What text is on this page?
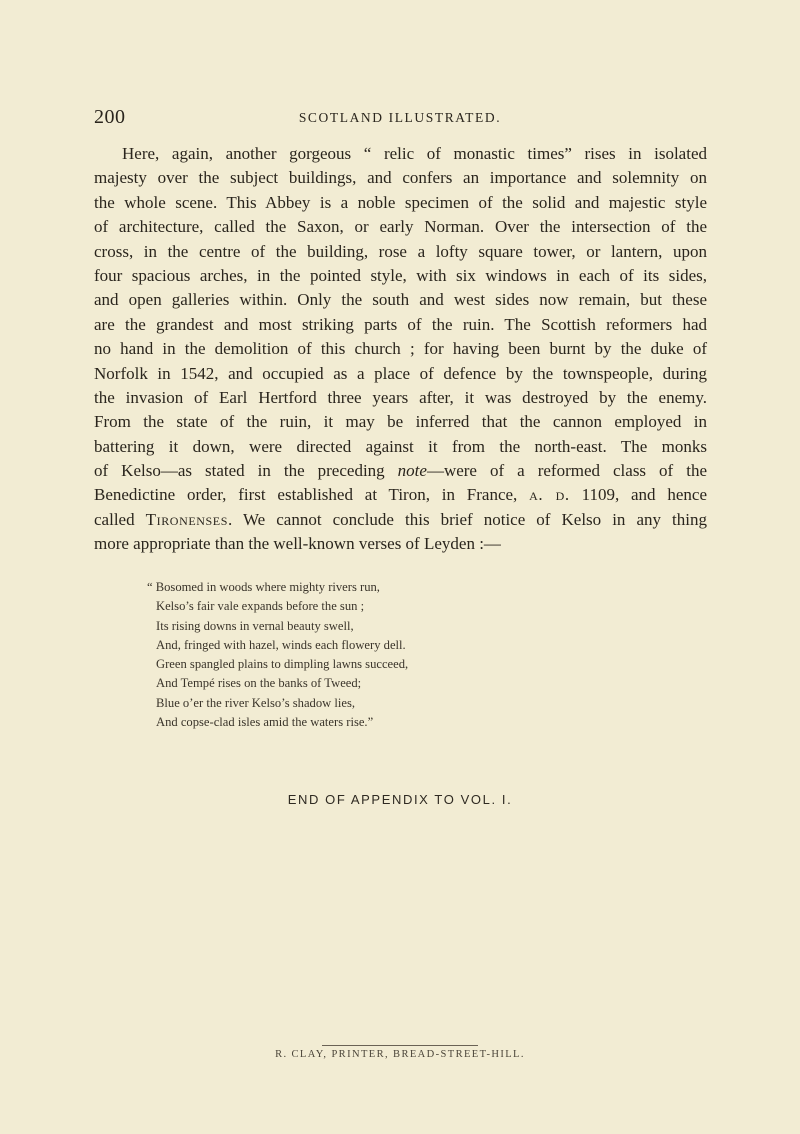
200	SCOTLAND ILLUSTRATED.
Here, again, another gorgeous “ relic of monastic times” rises in isolated
majesty over the subject buildings, and confers an importance and solemnity on
the whole scene. This Abbey is a noble specimen of the solid and majestic style
of architecture, called the Saxon, or early Norman. Over the intersection of the
cross, in the centre of the building, rose a lofty square tower, or lantern, upon
four spacious arches, in the pointed style, with six windows in each of its sides,
and open galleries within. Only the south and west sides now remain, but these
are the grandest and most striking parts of the ruin. The Scottish reformers had
no hand in the demolition of this church ; for having been burnt by the duke of
Norfolk in 1542, and occupied as a place of defence by the townspeople, during
the invasion of Earl Hertford three years after, it was destroyed by the enemy.
From the state of the ruin, it may be inferred that the cannon employed in
battering it down, were directed against it from the north-east. The monks
of Kelso—as stated in the preceding note—were of a reformed class of the
Benedictine order, first established at Tiron, in France, a. d. 1109, and hence
called Tironenses. We cannot conclude this brief notice of Kelso in any thing
more appropriate than the well-known verses of Leyden :—
“ Bosomed in woods where mighty rivers run,
Kelso’s fair vale expands before the sun ;
Its rising downs in vernal beauty swell,
And, fringed with hazel, winds each flowery dell.
Green spangled plains to dimpling lawns succeed,
And Tempé rises on the banks of Tweed;
Blue o’er the river Kelso’s shadow lies,
And copse-clad isles amid the waters rise.”
END OF APPENDIX TO VOL. I.
R. CLAY, PRINTER, BREAD-STREET-HILL.
